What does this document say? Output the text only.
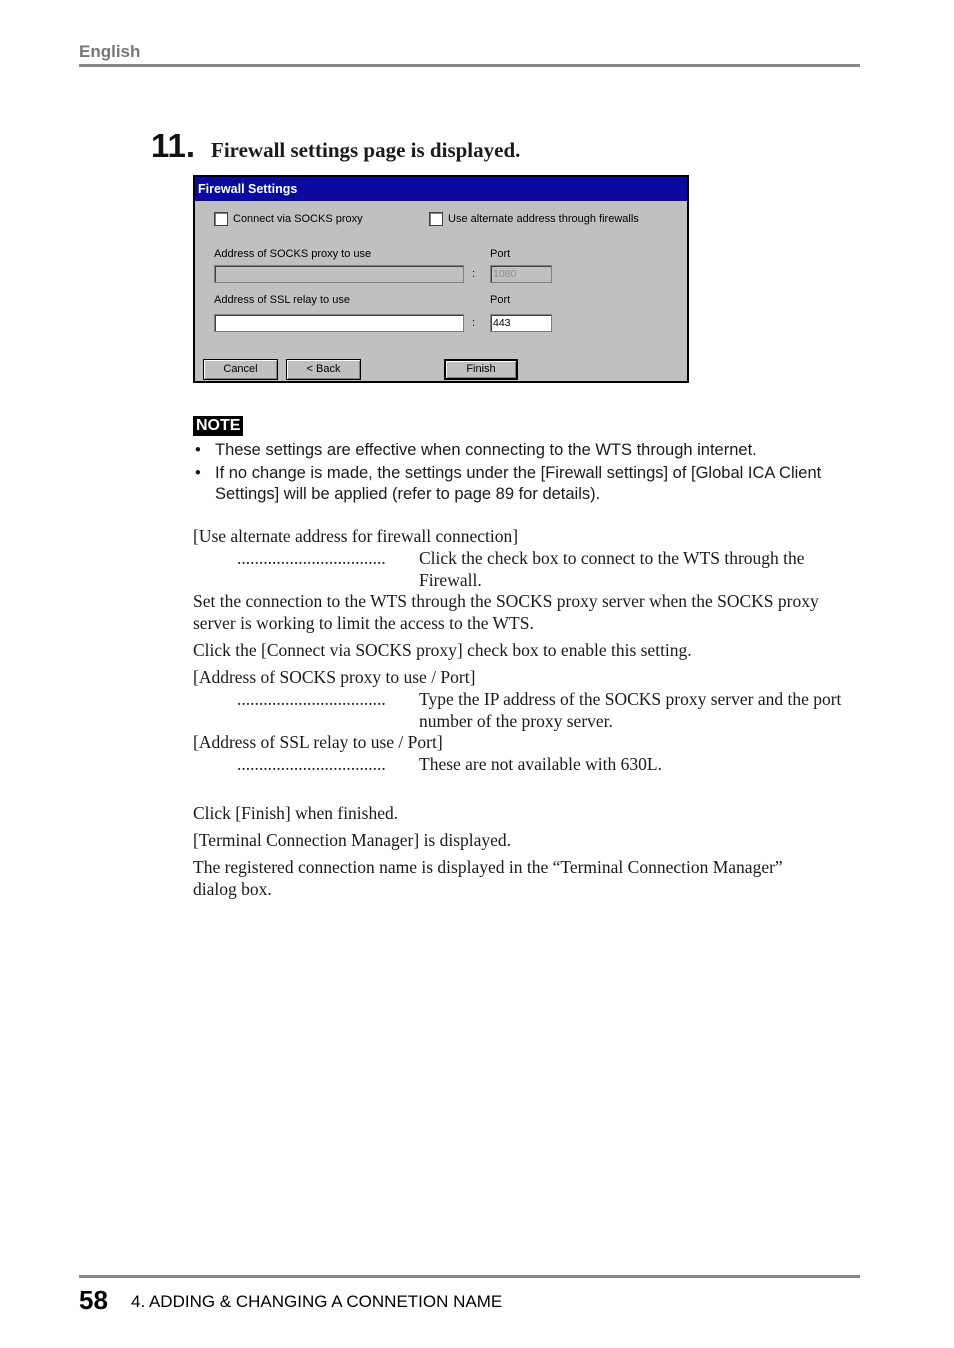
English
11. Firewall settings page is displayed.
Firewall Settings
Connect via SOCKS proxy	Use alternate address through firewalls
Address of SOCKS proxy to use	Port
: 1080
Address of SSL relay to use	Port
: 443
Cancel	< Back	Finish
NOTE
• These settings are effective when connecting to the WTS through internet.
• If no change is made, the settings under the [Firewall settings] of [Global ICA Client Settings] will be applied (refer to page 89 for details).
[Use alternate address for firewall connection]
..................................	Click the check box to connect to the WTS through the Firewall.
Set the connection to the WTS through the SOCKS proxy server when the SOCKS proxy server is working to limit the access to the WTS.
Click the [Connect via SOCKS proxy] check box to enable this setting.
[Address of SOCKS proxy to use / Port]
..................................	Type the IP address of the SOCKS proxy server and the port number of the proxy server.
[Address of SSL relay to use / Port]
..................................	These are not available with 630L.
Click [Finish] when finished.
[Terminal Connection Manager] is displayed.
The registered connection name is displayed in the “Terminal Connection Manager” dialog box.
58 4. ADDING & CHANGING A CONNETION NAME
